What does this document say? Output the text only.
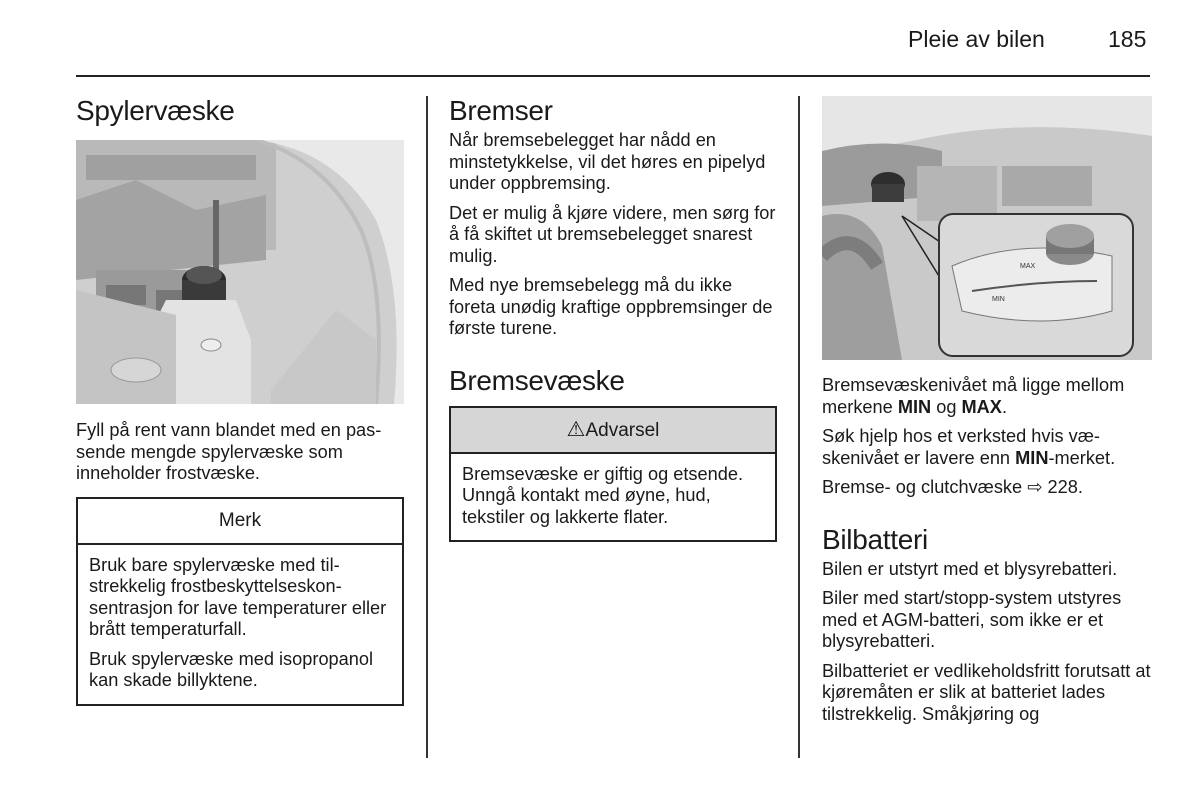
Pleie av bilen	185
Spylervæske

Fyll på rent vann blandet med en passende mengde spylervæske som inneholder frostvæske.

Merk

Bruk bare spylervæske med tilstrekkelig frostbeskyttelseskonsentrasjon for lave temperaturer eller brått temperaturfall.

Bruk spylervæske med isopropanol kan skade billyktene.

Bremser

Når bremsebelegget har nådd en minstetykkelse, vil det høres en pipelyd under oppbremsing.

Det er mulig å kjøre videre, men sørg for å få skiftet ut bremsebelegget snarest mulig.

Med nye bremsebelegg må du ikke foreta unødig kraftige oppbremsinger de første turene.

Bremsevæske
⚠Advarsel

Bremsevæske er giftig og etsende. Unngå kontakt med øyne, hud, tekstiler og lakkerte flater.

MAX
MIN

Bremsevæskenivået må ligge mellom merkene MIN og MAX.

Søk hjelp hos et verksted hvis væskenivået er lavere enn MIN-merket.

Bremse- og clutchvæske ⇨ 228.

Bilbatteri

Bilen er utstyrt med et blysyrebatteri.

Biler med start/stopp-system utstyres med et AGM-batteri, som ikke er et blysyrebatteri.

Bilbatteriet er vedlikeholdsfritt forutsatt at kjøremåten er slik at batteriet lades tilstrekkelig. Småkjøring og
